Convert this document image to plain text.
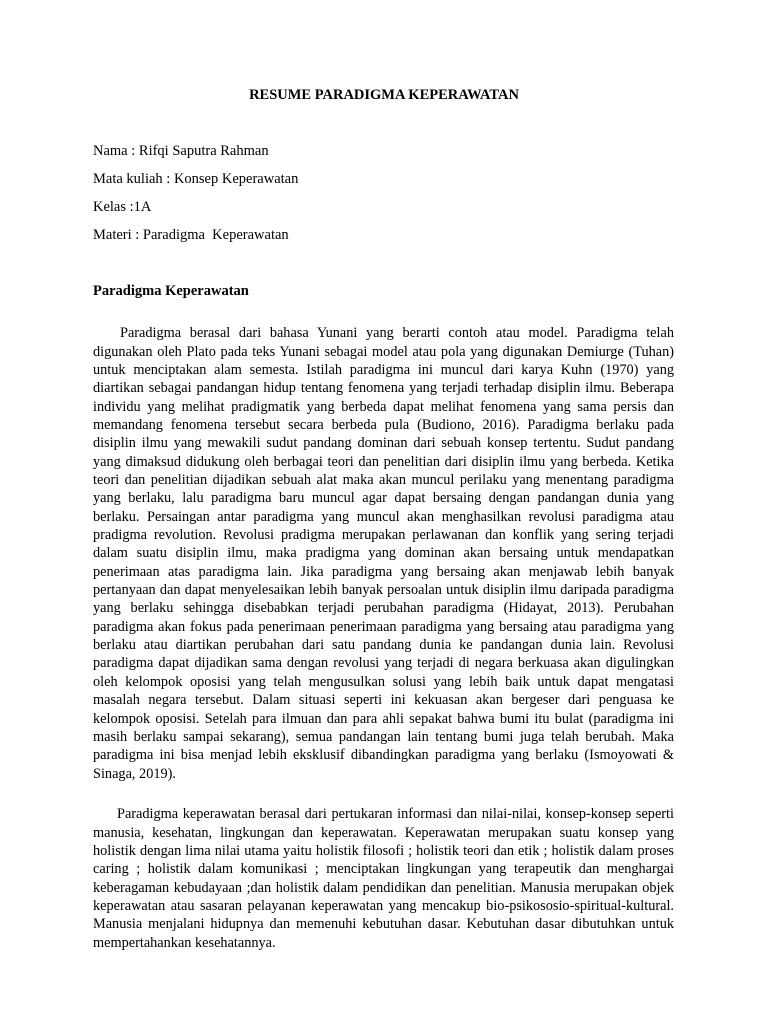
RESUME PARADIGMA KEPERAWATAN
Nama : Rifqi Saputra Rahman
Mata kuliah : Konsep Keperawatan
Kelas :1A
Materi : Paradigma  Keperawatan
Paradigma Keperawatan

Paradigma berasal dari bahasa Yunani yang berarti contoh atau model. Paradigma telah digunakan oleh Plato pada teks Yunani sebagai model atau pola yang digunakan Demiurge (Tuhan) untuk menciptakan alam semesta. Istilah paradigma ini muncul dari karya Kuhn (1970) yang diartikan sebagai pandangan hidup tentang fenomena yang terjadi terhadap disiplin ilmu. Beberapa individu yang melihat pradigmatik yang berbeda dapat melihat fenomena yang sama persis dan memandang fenomena tersebut secara berbeda pula (Budiono, 2016). Paradigma berlaku pada disiplin ilmu yang mewakili sudut pandang dominan dari sebuah konsep tertentu. Sudut pandang yang dimaksud didukung oleh berbagai teori dan penelitian dari disiplin ilmu yang berbeda. Ketika teori dan penelitian dijadikan sebuah alat maka akan muncul perilaku yang menentang paradigma yang berlaku, lalu paradigma baru muncul agar dapat bersaing dengan pandangan dunia yang berlaku. Persaingan antar paradigma yang muncul akan menghasilkan revolusi paradigma atau pradigma revolution. Revolusi pradigma merupakan perlawanan dan konflik yang sering terjadi dalam suatu disiplin ilmu, maka pradigma yang dominan akan bersaing untuk mendapatkan penerimaan atas paradigma lain. Jika paradigma yang bersaing akan menjawab lebih banyak pertanyaan dan dapat menyelesaikan lebih banyak persoalan untuk disiplin ilmu daripada paradigma yang berlaku sehingga disebabkan terjadi perubahan paradigma (Hidayat, 2013). Perubahan paradigma akan fokus pada penerimaan penerimaan paradigma yang bersaing atau paradigma yang berlaku atau diartikan perubahan dari satu pandang dunia ke pandangan dunia lain. Revolusi paradigma dapat dijadikan sama dengan revolusi yang terjadi di negara berkuasa akan digulingkan oleh kelompok oposisi yang telah mengusulkan solusi yang lebih baik untuk dapat mengatasi masalah negara tersebut. Dalam situasi seperti ini kekuasan akan bergeser dari penguasa ke kelompok oposisi. Setelah para ilmuan dan para ahli sepakat bahwa bumi itu bulat (paradigma ini masih berlaku sampai sekarang), semua pandangan lain tentang bumi juga telah berubah. Maka paradigma ini bisa menjad lebih eksklusif dibandingkan paradigma yang berlaku (Ismoyowati & Sinaga, 2019).

Paradigma keperawatan berasal dari pertukaran informasi dan nilai-nilai, konsep-konsep seperti manusia, kesehatan, lingkungan dan keperawatan. Keperawatan merupakan suatu konsep yang holistik dengan lima nilai utama yaitu holistik filosofi ; holistik teori dan etik ; holistik dalam proses caring ; holistik dalam komunikasi ; menciptakan lingkungan yang terapeutik dan menghargai keberagaman kebudayaan ;dan holistik dalam pendidikan dan penelitian. Manusia merupakan objek keperawatan atau sasaran pelayanan keperawatan yang mencakup bio-psikososio-spiritual-kultural. Manusia menjalani hidupnya dan memenuhi kebutuhan dasar. Kebutuhan dasar dibutuhkan untuk mempertahankan kesehatannya.
